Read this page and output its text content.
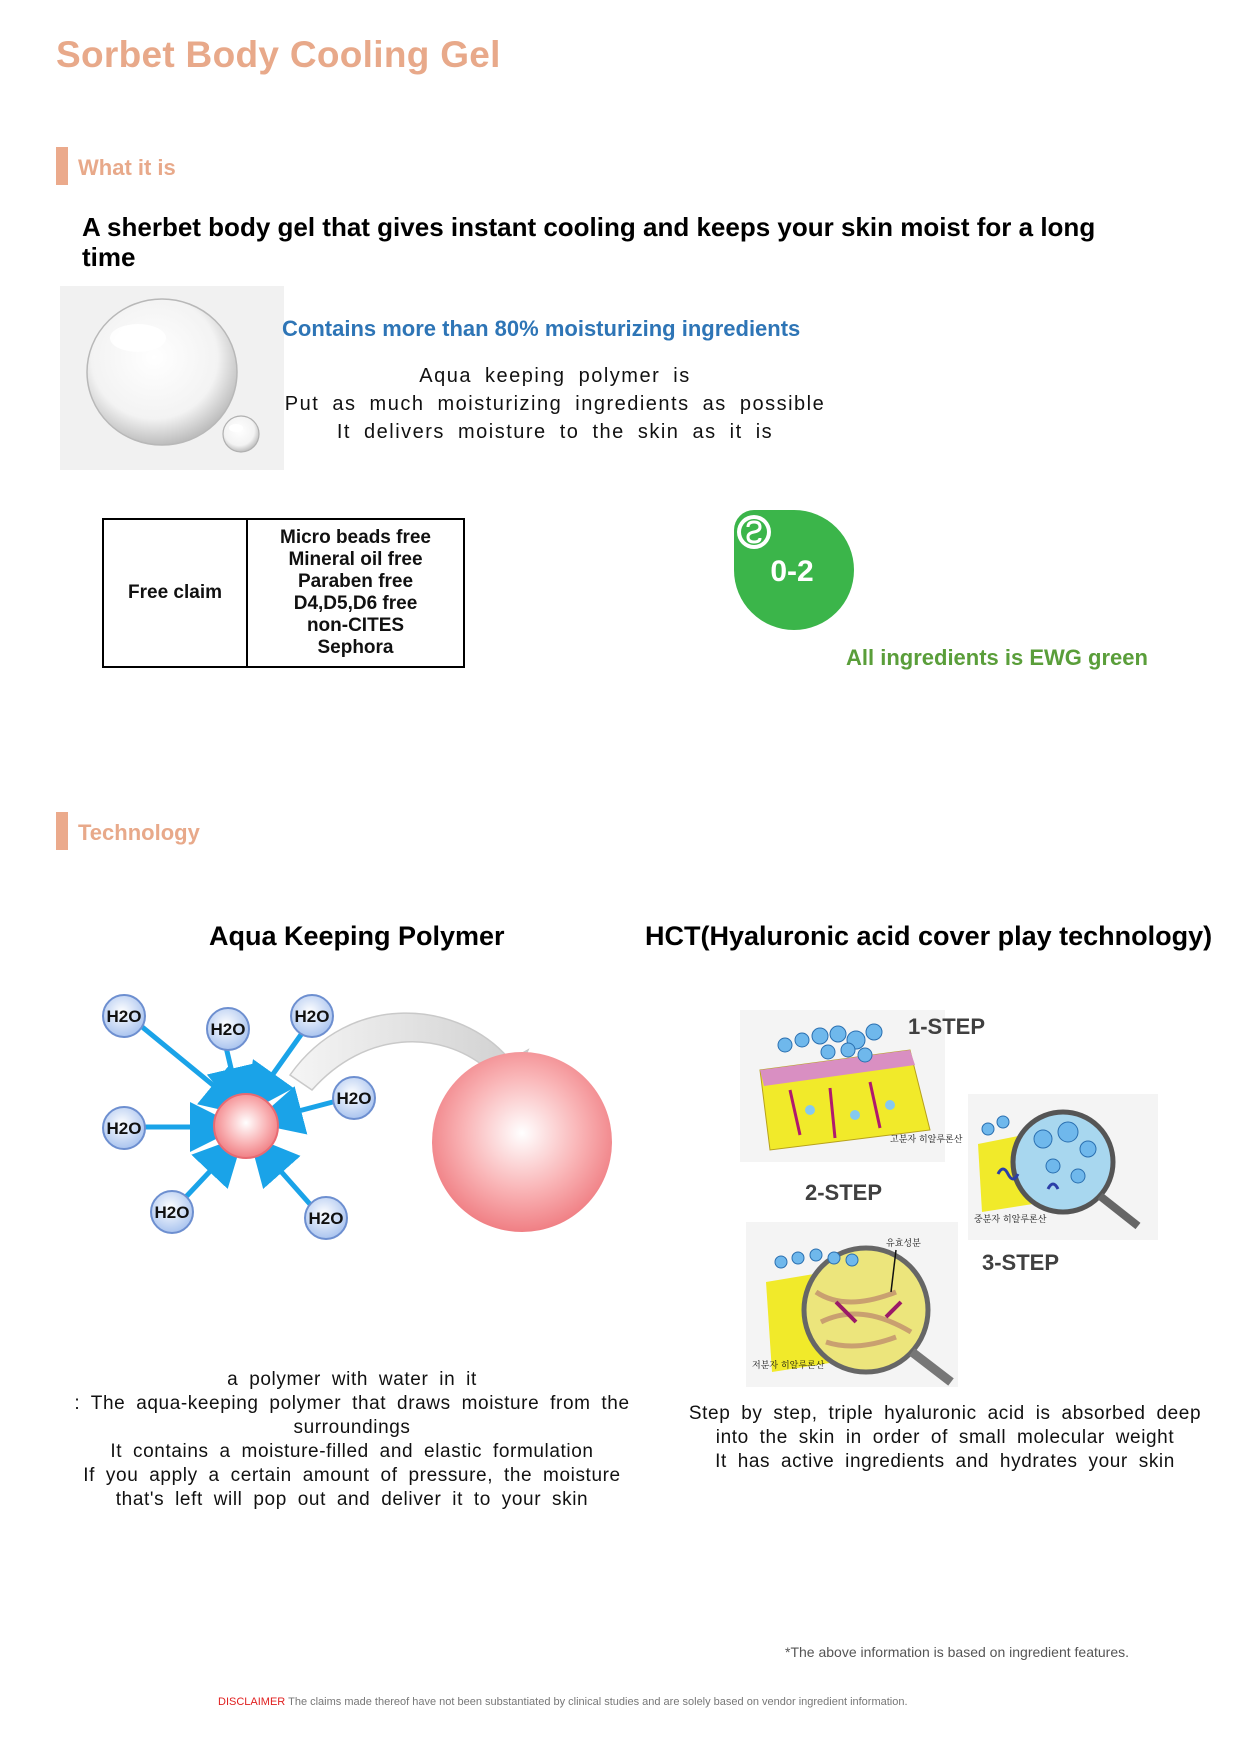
Sorbet Body Cooling Gel
What it is
A sherbet body gel that gives instant cooling and keeps your skin moist for a long time
Contains more than 80% moisturizing ingredients
Aqua keeping polymer is
Put as much moisturizing ingredients as possible
It delivers moisture to the skin as it is
Free claim	
Micro beads free
Mineral oil free
Paraben free
D4,D5,D6 free
non-CITES
Sephora
0-2
All ingredients is EWG green
Technology
Aqua Keeping Polymer	HCT(Hyaluronic acid cover play technology)
H2O
H2O
H2O
H2O
H2O
H2O	H2O
a polymer with water in it
: The aqua-keeping polymer that draws moisture from the
surroundings
It contains a moisture-filled and elastic formulation
If you apply a certain amount of pressure, the moisture
that's left will pop out and deliver it to your skin
고분자 히알루론산
중분자 히알루론산
유효성분
저분자 히알루론산
1-STEP
2-STEP
3-STEP
Step by step, triple hyaluronic acid is absorbed deep
into the skin in order of small molecular weight
It has active ingredients and hydrates your skin
*The above information is based on ingredient features.
DISCLAIMER The claims made thereof have not been substantiated by clinical studies and are solely based on vendor ingredient information.
